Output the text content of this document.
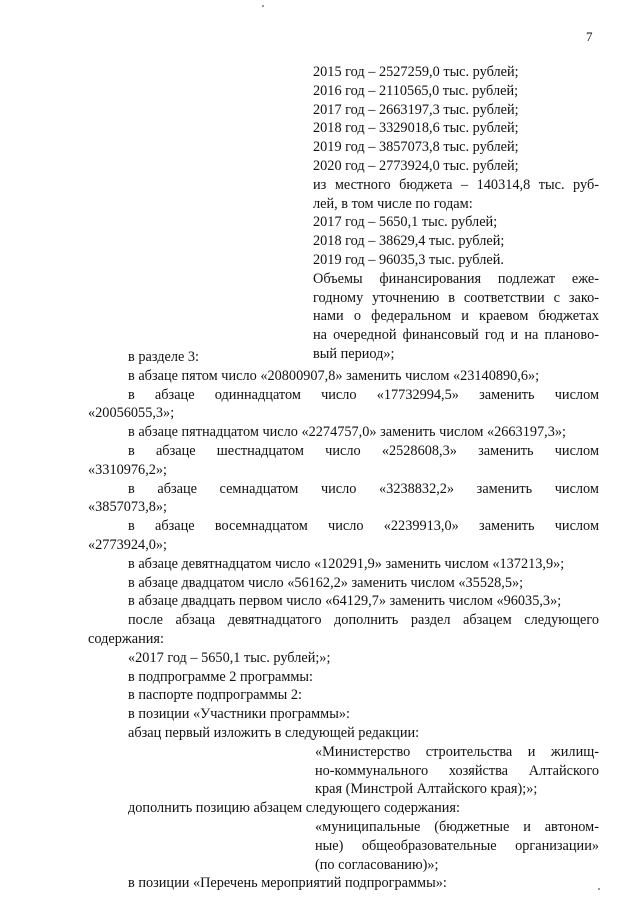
7

2015 год – 2527259,0 тыс. рублей;

2016 год – 2110565,0 тыс. рублей;

2017 год – 2663197,3 тыс. рублей;

2018 год – 3329018,6 тыс. рублей;

2019 год – 3857073,8 тыс. рублей;

2020 год – 2773924,0 тыс. рублей;

из местного бюджета – 140314,8 тыс. руб-

лей, в том числе по годам:

2017 год – 5650,1 тыс. рублей;

2018 год – 38629,4 тыс. рублей;

2019 год – 96035,3 тыс. рублей.

Объемы финансирования подлежат еже-

годному уточнению в соответствии с зако-

нами о федеральном и краевом бюджетах

на очередной финансовый год и на планово-

вый период»;

в разделе 3:

в абзаце пятом число «20800907,8» заменить числом «23140890,6»;

в абзаце одиннадцатом число «17732994,5» заменить числом

«20056055,3»;

в абзаце пятнадцатом число «2274757,0» заменить числом «2663197,3»;

в абзаце шестнадцатом число «2528608,3» заменить числом

«3310976,2»;

в абзаце семнадцатом число «3238832,2» заменить числом

«3857073,8»;

в абзаце восемнадцатом число «2239913,0» заменить числом

«2773924,0»;

в абзаце девятнадцатом число «120291,9» заменить числом «137213,9»;

в абзаце двадцатом число «56162,2» заменить числом «35528,5»;

в абзаце двадцать первом число «64129,7» заменить числом «96035,3»;

после абзаца девятнадцатого дополнить раздел абзацем следующего

содержания:

«2017 год – 5650,1 тыс. рублей;»;

в подпрограмме 2 программы:

в паспорте подпрограммы 2:

в позиции «Участники программы»:

абзац первый изложить в следующей редакции:

«Министерство строительства и жилищ-

но-коммунального хозяйства Алтайского

края (Минстрой Алтайского края);»;

дополнить позицию абзацем следующего содержания:

«муниципальные (бюджетные и автоном-

ные) общеобразовательные организации»

(по согласованию)»;

в позиции «Перечень мероприятий подпрограммы»:
